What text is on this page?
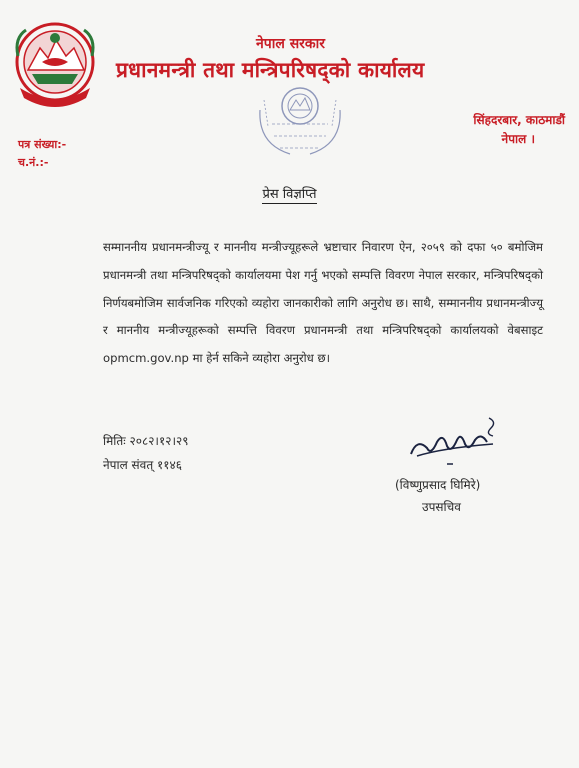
नेपाल सरकार
प्रधानमन्त्री तथा मन्त्रिपरिषद्को कार्यालय
सिंहदरबार, काठमाडौं
नेपाल ।
पत्र संख्या:-
च.नं.:-
प्रेस विज्ञप्ति
सम्माननीय प्रधानमन्त्रीज्यू र माननीय मन्त्रीज्यूहरूले भ्रष्टाचार निवारण ऐन, २०५९ को दफा ५० बमोजिम प्रधानमन्त्री तथा मन्त्रिपरिषद्को कार्यालयमा पेश गर्नु भएको सम्पत्ति विवरण नेपाल सरकार, मन्त्रिपरिषद्को निर्णयबमोजिम सार्वजनिक गरिएको व्यहोरा जानकारीको लागि अनुरोध छ। साथै, सम्माननीय प्रधानमन्त्रीज्यू र माननीय मन्त्रीज्यूहरूको सम्पत्ति विवरण प्रधानमन्त्री तथा मन्त्रिपरिषद्को कार्यालयको वेबसाइट opmcm.gov.np मा हेर्न सकिने व्यहोरा अनुरोध छ।
मितिः २०८२।१२।२९
नेपाल संवत् ११४६
(विष्णुप्रसाद घिमिरे)
उपसचिव
